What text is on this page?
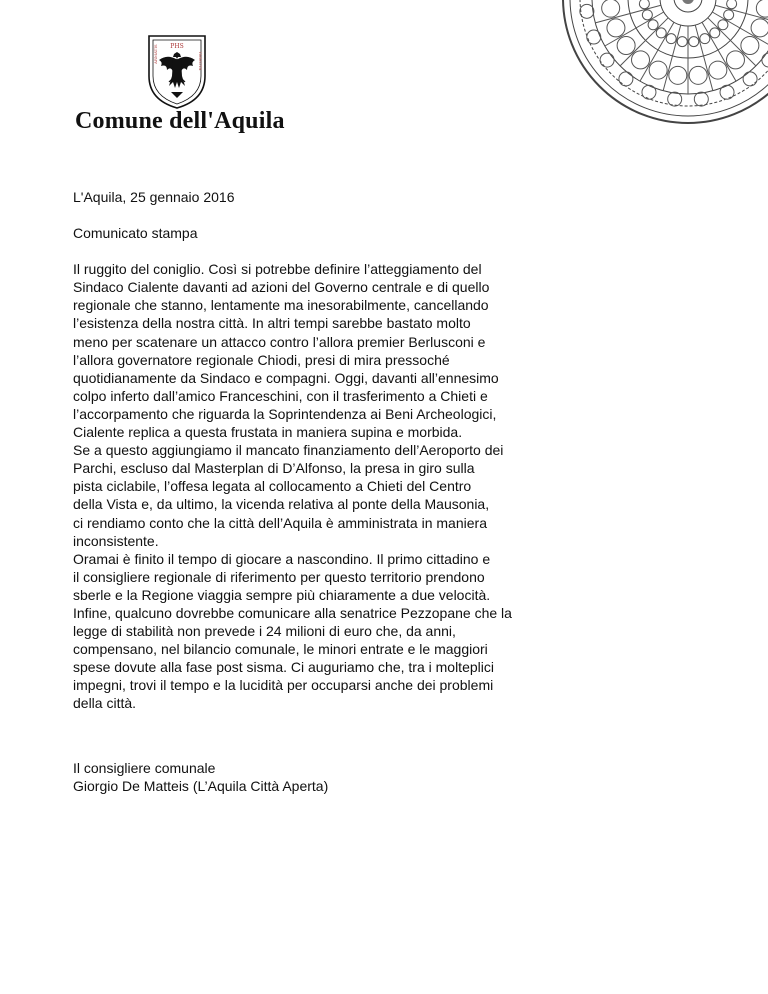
ARMATIS PHS
IMMOTA
Comune dell'Aquila

L'Aquila, 25 gennaio 2016

Comunicato stampa

Il ruggito del coniglio. Così si potrebbe definire l’atteggiamento del
Sindaco Cialente davanti ad azioni del Governo centrale e di quello
regionale che stanno, lentamente ma inesorabilmente, cancellando
l’esistenza della nostra città. In altri tempi sarebbe bastato molto
meno per scatenare un attacco contro l’allora premier Berlusconi e
l’allora governatore regionale Chiodi, presi di mira pressoché
quotidianamente da Sindaco e compagni. Oggi, davanti all’ennesimo
colpo inferto dall’amico Franceschini, con il trasferimento a Chieti e
l’accorpamento che riguarda la Soprintendenza ai Beni Archeologici,
Cialente replica a questa frustata in maniera supina e morbida.
Se a questo aggiungiamo il mancato finanziamento dell’Aeroporto dei
Parchi, escluso dal Masterplan di D’Alfonso, la presa in giro sulla
pista ciclabile, l’offesa legata al collocamento a Chieti del Centro
della Vista e, da ultimo, la vicenda relativa al ponte della Mausonia,
ci rendiamo conto che la città dell’Aquila è amministrata in maniera
inconsistente.
Oramai è finito il tempo di giocare a nascondino. Il primo cittadino e
il consigliere regionale di riferimento per questo territorio prendono
sberle e la Regione viaggia sempre più chiaramente a due velocità.
Infine, qualcuno dovrebbe comunicare alla senatrice Pezzopane che la
legge di stabilità non prevede i 24 milioni di euro che, da anni,
compensano, nel bilancio comunale, le minori entrate e le maggiori
spese dovute alla fase post sisma. Ci auguriamo che, tra i molteplici
impegni, trovi il tempo e la lucidità per occuparsi anche dei problemi
della città.

Il consigliere comunale

Giorgio De Matteis (L’Aquila Città Aperta)
